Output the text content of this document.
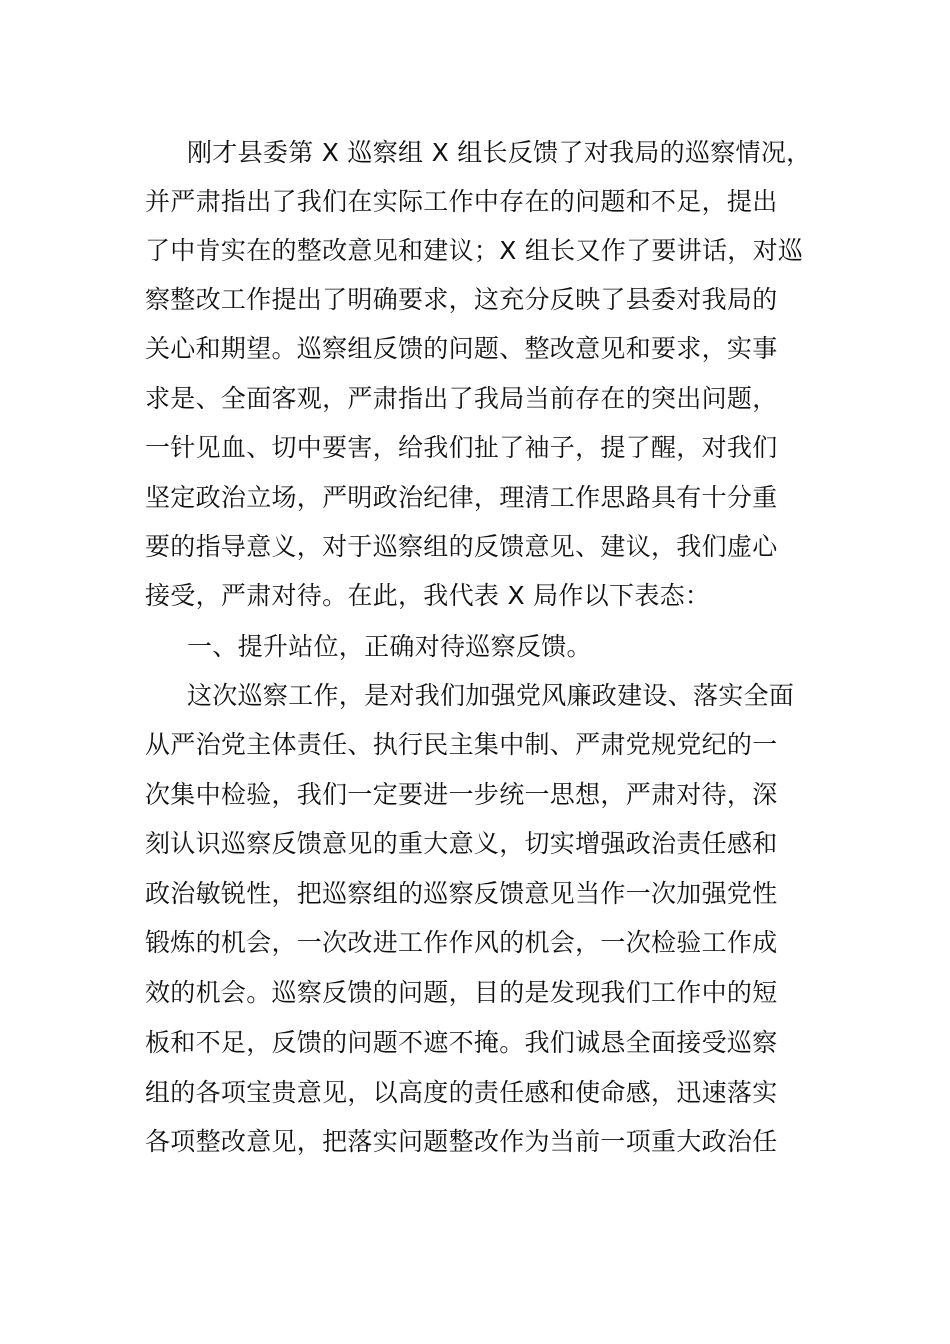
刚才县委第 X 巡察组 X 组长反馈了对我局的巡察情况，
并严肃指出了我们在实际工作中存在的问题和不足，提出
了中肯实在的整改意见和建议；X 组长又作了要讲话，对巡
察整改工作提出了明确要求，这充分反映了县委对我局的
关心和期望。巡察组反馈的问题、整改意见和要求，实事
求是、全面客观，严肃指出了我局当前存在的突出问题，
一针见血、切中要害，给我们扯了袖子，提了醒，对我们
坚定政治立场，严明政治纪律，理清工作思路具有十分重
要的指导意义，对于巡察组的反馈意见、建议，我们虚心
接受，严肃对待。在此，我代表 X 局作以下表态：
一、提升站位，正确对待巡察反馈。
这次巡察工作，是对我们加强党风廉政建设、落实全面
从严治党主体责任、执行民主集中制、严肃党规党纪的一
次集中检验，我们一定要进一步统一思想，严肃对待，深
刻认识巡察反馈意见的重大意义，切实增强政治责任感和
政治敏锐性，把巡察组的巡察反馈意见当作一次加强党性
锻炼的机会，一次改进工作作风的机会，一次检验工作成
效的机会。巡察反馈的问题，目的是发现我们工作中的短
板和不足，反馈的问题不遮不掩。我们诚恳全面接受巡察
组的各项宝贵意见，以高度的责任感和使命感，迅速落实
各项整改意见，把落实问题整改作为当前一项重大政治任
